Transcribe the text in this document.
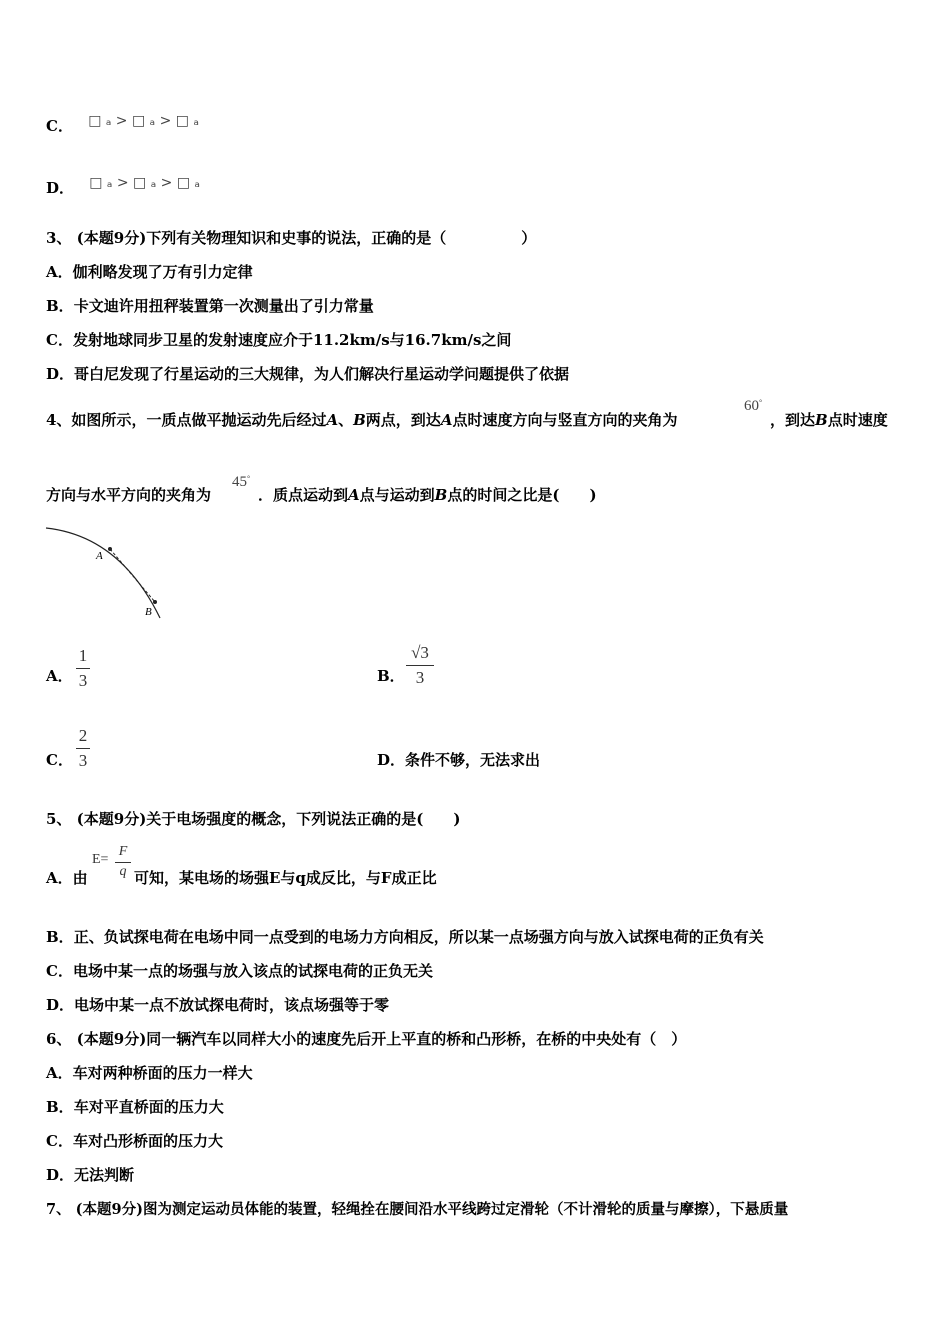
C． □ ₐ > □ ₐ > □ ₐ
D． □ ₐ > □ ₐ > □ ₐ
3、 (本题9分)下列有关物理知识和史事的说法，正确的是（　　　　　）
A．伽利略发现了万有引力定律
B．卡文迪许用扭秤装置第一次测量出了引力常量
C．发射地球同步卫星的发射速度应介于11.2km/s与16.7km/s之间
D．哥白尼发现了行星运动的三大规律，为人们解决行星运动学问题提供了依据
4、如图所示，一质点做平抛运动先后经过A、B两点，到达A点时速度方向与竖直方向的夹角为
60°
，到达B点时速度
方向与水平方向的夹角为
45°
．质点运动到A点与运动到B点的时间之比是(　　)
A
B
A．
1
3	B．
√3
3
C．
2
3	D．条件不够，无法求出
5、 (本题9分)关于电场强度的概念，下列说法正确的是(　　)
A．由
E=
F
q 可知，某电场的场强E与q成反比，与F成正比
B．正、负试探电荷在电场中同一点受到的电场力方向相反，所以某一点场强方向与放入试探电荷的正负有关
C．电场中某一点的场强与放入该点的试探电荷的正负无关
D．电场中某一点不放试探电荷时，该点场强等于零
6、 (本题9分)同一辆汽车以同样大小的速度先后开上平直的桥和凸形桥，在桥的中央处有（　）
A．车对两种桥面的压力一样大
B．车对平直桥面的压力大
C．车对凸形桥面的压力大
D．无法判断
7、 (本题9分)图为测定运动员体能的装置，轻绳拴在腰间沿水平线跨过定滑轮（不计滑轮的质量与摩擦），下悬质量
